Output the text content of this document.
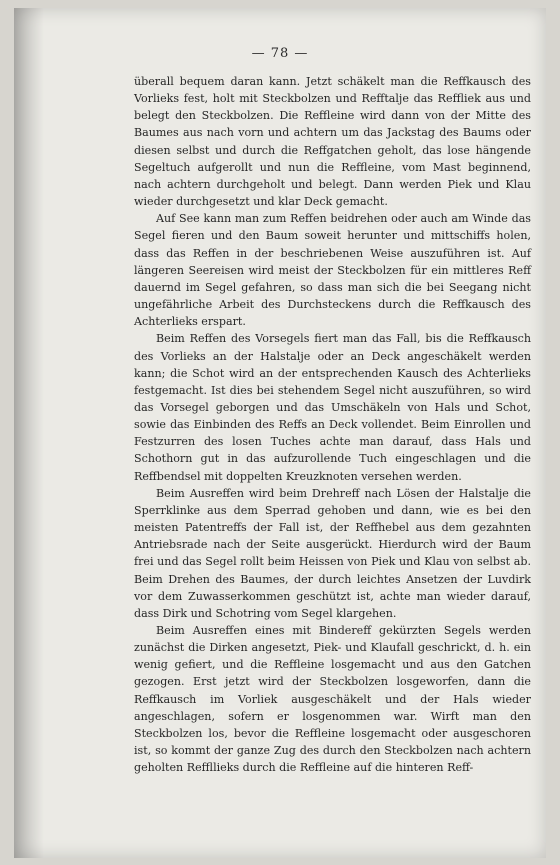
— 78 —

überall bequem daran kann. Jetzt schäkelt man die Reffkausch des Vorlieks fest, holt mit Steckbolzen und Refftalje das Reffliek aus und belegt den Steckbolzen. Die Reffleine wird dann von der Mitte des Baumes aus nach vorn und achtern um das Jackstag des Baums oder diesen selbst und durch die Reffgatchen geholt, das lose hängende Segeltuch aufgerollt und nun die Reffleine, vom Mast beginnend, nach achtern durchgeholt und belegt. Dann werden Piek und Klau wieder durchgesetzt und klar Deck gemacht.

Auf See kann man zum Reffen beidrehen oder auch am Winde das Segel fieren und den Baum soweit herunter und mittschiffs holen, dass das Reffen in der beschriebenen Weise auszuführen ist. Auf längeren Seereisen wird meist der Steckbolzen für ein mittleres Reff dauernd im Segel gefahren, so dass man sich die bei Seegang nicht ungefährliche Arbeit des Durchsteckens durch die Reffkausch des Achterlieks erspart.

Beim Reffen des Vorsegels fiert man das Fall, bis die Reffkausch des Vorlieks an der Halstalje oder an Deck angeschäkelt werden kann; die Schot wird an der entsprechenden Kausch des Achterlieks festgemacht. Ist dies bei stehendem Segel nicht auszuführen, so wird das Vorsegel geborgen und das Umschäkeln von Hals und Schot, sowie das Einbinden des Reffs an Deck vollendet. Beim Einrollen und Festzurren des losen Tuches achte man darauf, dass Hals und Schothorn gut in das aufzurollende Tuch eingeschlagen und die Reffbendsel mit doppelten Kreuzknoten versehen werden.

Beim Ausreffen wird beim Drehreff nach Lösen der Halstalje die Sperrklinke aus dem Sperrad gehoben und dann, wie es bei den meisten Patentreffs der Fall ist, der Reffhebel aus dem gezahnten Antriebsrade nach der Seite ausgerückt. Hierdurch wird der Baum frei und das Segel rollt beim Heissen von Piek und Klau von selbst ab. Beim Drehen des Baumes, der durch leichtes Ansetzen der Luvdirk vor dem Zuwasserkommen geschützt ist, achte man wieder darauf, dass Dirk und Schotring vom Segel klargehen.

Beim Ausreffen eines mit Bindereff gekürzten Segels werden zunächst die Dirken angesetzt, Piek- und Klaufall geschrickt, d. h. ein wenig gefiert, und die Reffleine losgemacht und aus den Gatchen gezogen. Erst jetzt wird der Steckbolzen losgeworfen, dann die Reffkausch im Vorliek ausgeschäkelt und der Hals wieder angeschlagen, sofern er losgenommen war. Wirft man den Steckbolzen los, bevor die Reffleine losgemacht oder ausgeschoren ist, so kommt der ganze Zug des durch den Steckbolzen nach achtern geholten Reffllieks durch die Reffleine auf die hinteren Reff-
